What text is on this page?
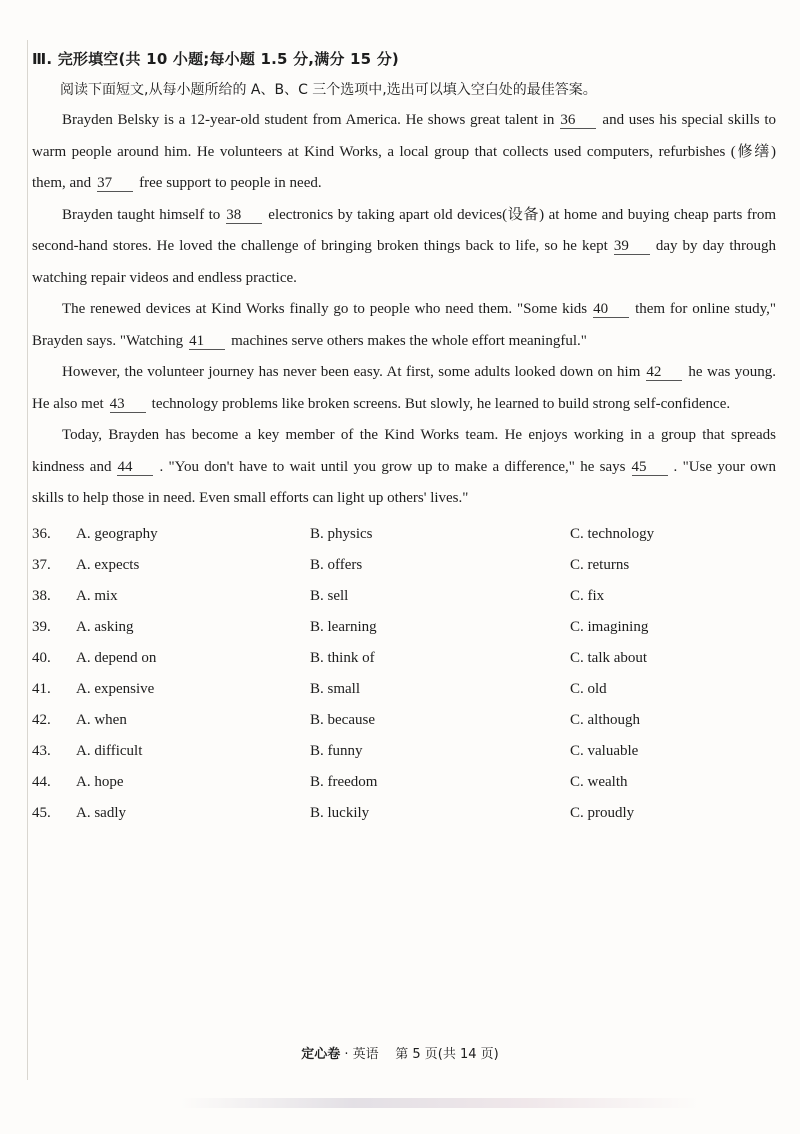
Ⅲ. 完形填空(共 10 小题;每小题 1.5 分,满分 15 分)
阅读下面短文,从每小题所给的 A、B、C 三个选项中,选出可以填入空白处的最佳答案。

Brayden Belsky is a 12-year-old student from America. He shows great talent in 36 and uses his special skills to warm people around him. He volunteers at Kind Works, a local group that collects used computers, refurbishes (修缮) them, and 37 free support to people in need.

Brayden taught himself to 38 electronics by taking apart old devices(设备) at home and buying cheap parts from second-hand stores. He loved the challenge of bringing broken things back to life, so he kept 39 day by day through watching repair videos and endless practice.

The renewed devices at Kind Works finally go to people who need them. "Some kids 40 them for online study," Brayden says. "Watching 41 machines serve others makes the whole effort meaningful."

However, the volunteer journey has never been easy. At first, some adults looked down on him 42 he was young. He also met 43 technology problems like broken screens. But slowly, he learned to build strong self-confidence.

Today, Brayden has become a key member of the Kind Works team. He enjoys working in a group that spreads kindness and 44 . "You don't have to wait until you grow up to make a difference," he says 45 . "Use your own skills to help those in need. Even small efforts can light up others' lives."

36. A. geography	B. physics	C. technology
37. A. expects	B. offers	C. returns
38. A. mix	B. sell	C. fix
39. A. asking	B. learning	C. imagining
40. A. depend on	B. think of	C. talk about
41. A. expensive	B. small	C. old
42. A. when	B. because	C. although
43. A. difficult	B. funny	C. valuable
44. A. hope	B. freedom	C. wealth
45. A. sadly	B. luckily	C. proudly
定心卷 · 英语 第 5 页(共 14 页)
